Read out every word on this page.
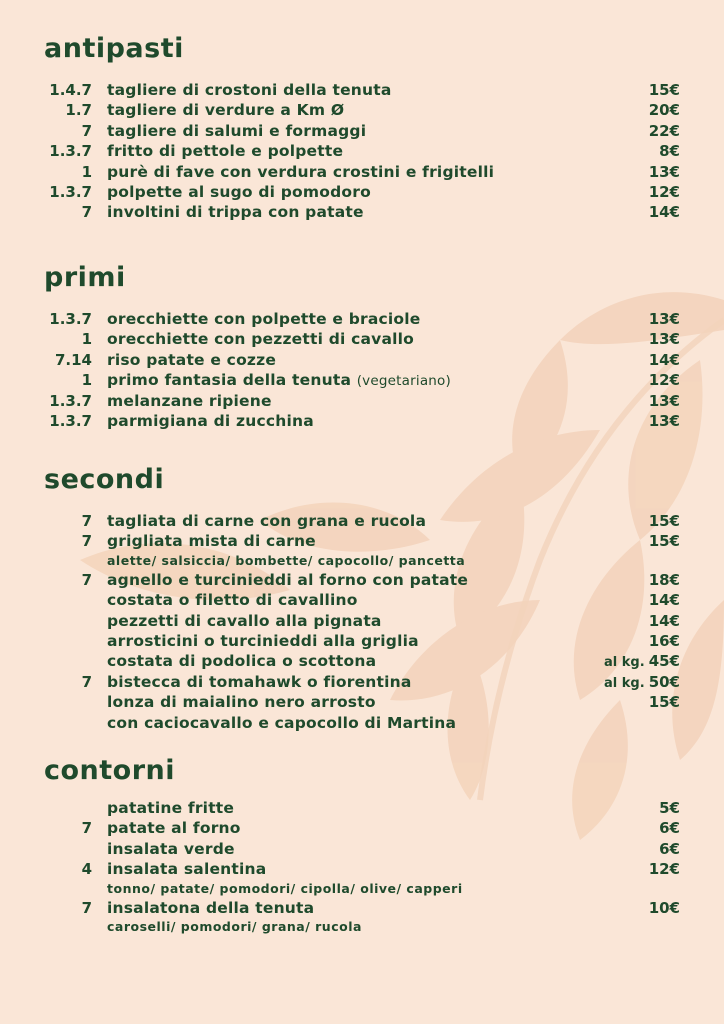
antipasti
1.4.7 tagliere di crostoni della tenuta	15€
1.7 tagliere di verdure a Km Ø	20€
7 tagliere di salumi e formaggi	22€
1.3.7 fritto di pettole e polpette	8€
1 purè di fave con verdura crostini e frigitelli	13€
1.3.7 polpette al sugo di pomodoro	12€
7 involtini di trippa con patate	14€
primi
1.3.7 orecchiette con polpette e braciole	13€
1 orecchiette con pezzetti di cavallo	13€
7.14 riso patate e cozze	14€
1 primo fantasia della tenuta (vegetariano)	12€
1.3.7 melanzane ripiene	13€
1.3.7 parmigiana di zucchina	13€
secondi
7 tagliata di carne con grana e rucola	15€
7 grigliata mista di carne	15€
alette/ salsiccia/ bombette/ capocollo/ pancetta
7 agnello e turcinieddi al forno con patate	18€
costata o filetto di cavallino	14€
pezzetti di cavallo alla pignata	14€
arrosticini o turcinieddi alla griglia	16€
costata di podolica o scottona	al kg. 45€
7 bistecca di tomahawk o fiorentina	al kg. 50€
lonza di maialino nero arrosto	15€
con caciocavallo e capocollo di Martina
contorni
patatine fritte	5€
7 patate al forno	6€
insalata verde	6€
4 insalata salentina	12€
tonno/ patate/ pomodori/ cipolla/ olive/ capperi
7 insalatona della tenuta	10€
caroselli/ pomodori/ grana/ rucola
